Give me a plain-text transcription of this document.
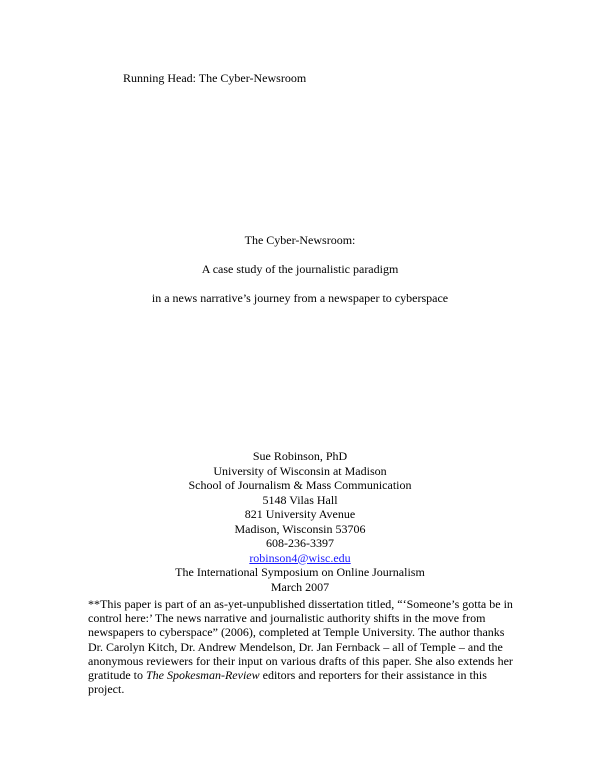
Running Head: The Cyber-Newsroom
The Cyber-Newsroom:
A case study of the journalistic paradigm
in a news narrative’s journey from a newspaper to cyberspace
Sue Robinson, PhD
University of Wisconsin at Madison
School of Journalism & Mass Communication
5148 Vilas Hall
821 University Avenue
Madison, Wisconsin 53706
608-236-3397
robinson4@wisc.edu
The International Symposium on Online Journalism
March 2007
**This paper is part of an as-yet-unpublished dissertation titled, “‘Someone’s gotta be in control here:’ The news narrative and journalistic authority shifts in the move from newspapers to cyberspace” (2006), completed at Temple University. The author thanks Dr. Carolyn Kitch, Dr. Andrew Mendelson, Dr. Jan Fernback – all of Temple – and the anonymous reviewers for their input on various drafts of this paper. She also extends her gratitude to The Spokesman-Review editors and reporters for their assistance in this project.
